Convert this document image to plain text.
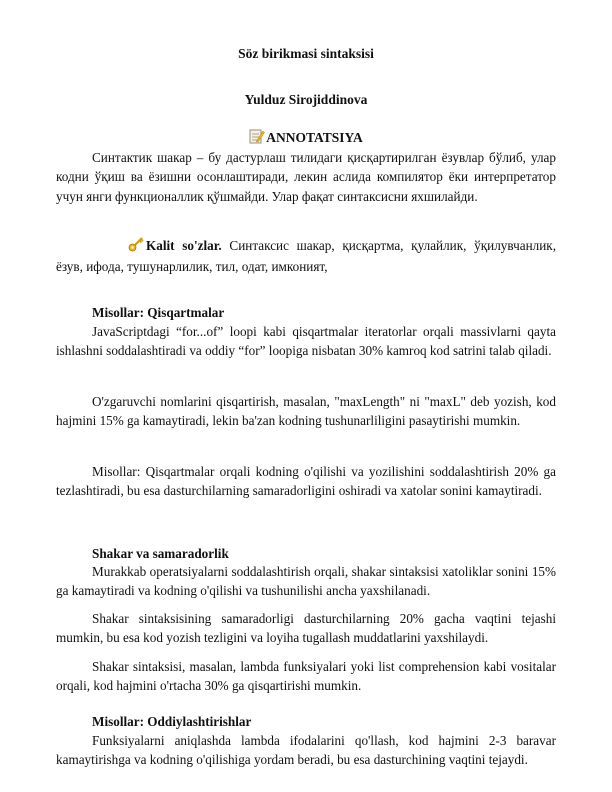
Söz birikmasi sintaksisi
Yulduz Sirojiddinova
ANNOTATSIYA

Синтактик шакар – бу дастурлаш тилидаги қисқартирилган ёзувлар бўлиб, улар кодни ўқиш ва ёзишни осонлаштиради, лекин аслида компилятор ёки интерпретатор учун янги функционаллик қўшмайди. Улар фақат синтаксисни яхшилайди.

Kalit so'zlar. Синтаксис шакар, қисқартма, қулайлик, ўқилувчанлик, ёзув, ифода, тушунарлилик, тил, одат, имконият,

Misollar: Qisqartmalar

JavaScriptdagi “for...of” loopi kabi qisqartmalar iteratorlar orqali massivlarni qayta ishlashni soddalashtiradi va oddiy “for” loopiga nisbatan 30% kamroq kod satrini talab qiladi.

O'zgaruvchi nomlarini qisqartirish, masalan, "maxLength" ni "maxL" deb yozish, kod hajmini 15% ga kamaytiradi, lekin ba'zan kodning tushunarliligini pasaytirishi mumkin.

Misollar: Qisqartmalar orqali kodning o'qilishi va yozilishini soddalashtirish 20% ga tezlashtiradi, bu esa dasturchilarning samaradorligini oshiradi va xatolar sonini kamaytiradi.

Shakar va samaradorlik

Murakkab operatsiyalarni soddalashtirish orqali, shakar sintaksisi xatoliklar sonini 15% ga kamaytiradi va kodning o'qilishi va tushunilishi ancha yaxshilanadi.

Shakar sintaksisining samaradorligi dasturchilarning 20% gacha vaqtini tejashi mumkin, bu esa kod yozish tezligini va loyiha tugallash muddatlarini yaxshilaydi.

Shakar sintaksisi, masalan, lambda funksiyalari yoki list comprehension kabi vositalar orqali, kod hajmini o'rtacha 30% ga qisqartirishi mumkin.

Misollar: Oddiylashtirishlar

Funksiyalarni aniqlashda lambda ifodalarini qo'llash, kod hajmini 2-3 baravar kamaytirishga va kodning o'qilishiga yordam beradi, bu esa dasturchining vaqtini tejaydi.
